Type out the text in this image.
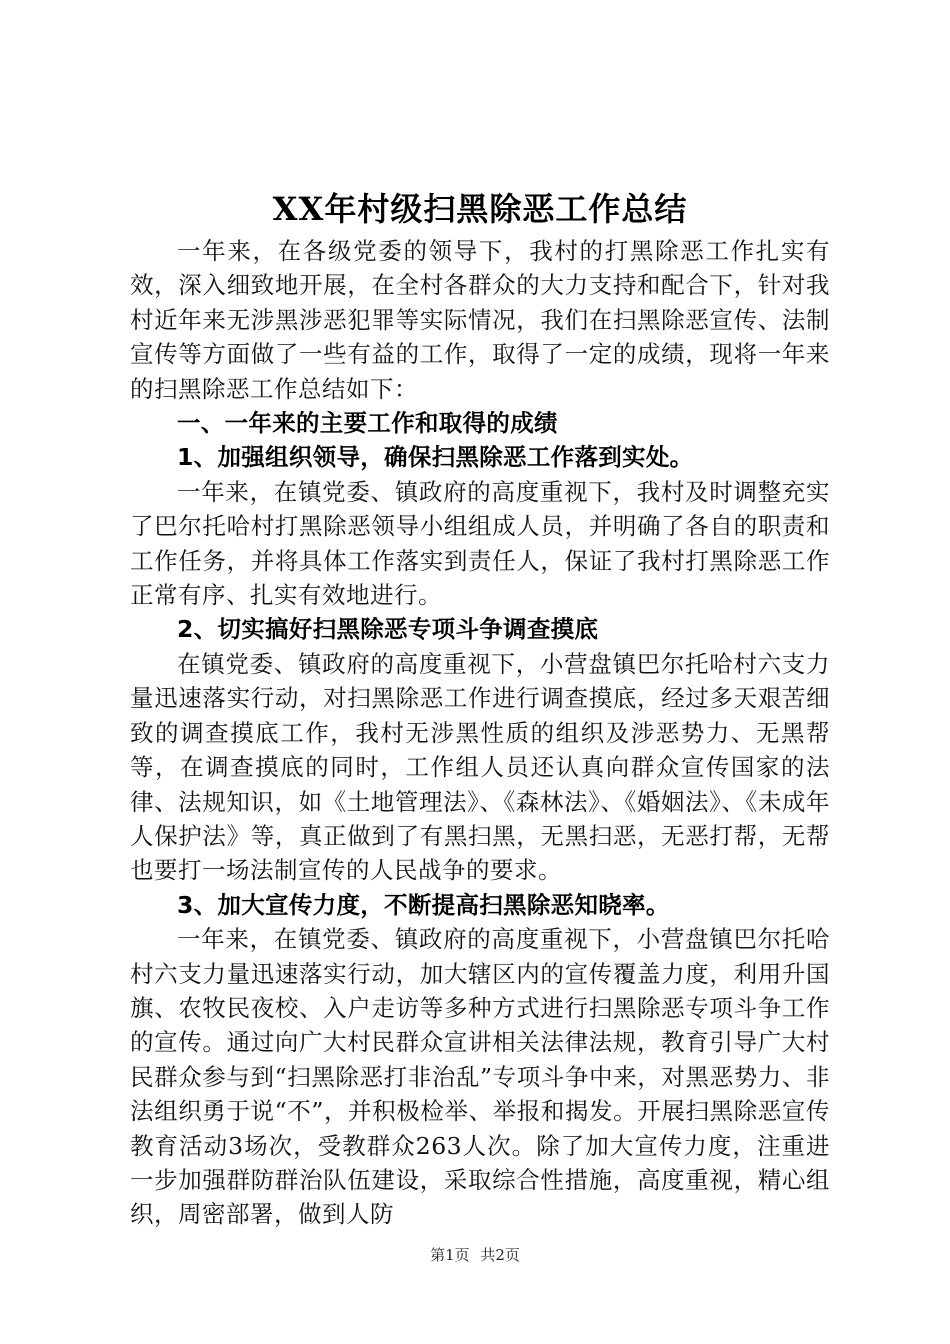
XX年村级扫黑除恶工作总结

一年来，在各级党委的领导下，我村的打黑除恶工作扎实有效，深入细致地开展，在全村各群众的大力支持和配合下，针对我村近年来无涉黑涉恶犯罪等实际情况，我们在扫黑除恶宣传、法制宣传等方面做了一些有益的工作，取得了一定的成绩，现将一年来的扫黑除恶工作总结如下：

一、一年来的主要工作和取得的成绩

1、加强组织领导，确保扫黑除恶工作落到实处。

一年来，在镇党委、镇政府的高度重视下，我村及时调整充实了巴尔托哈村打黑除恶领导小组组成人员，并明确了各自的职责和工作任务，并将具体工作落实到责任人，保证了我村打黑除恶工作正常有序、扎实有效地进行。

2、切实搞好扫黑除恶专项斗争调查摸底

在镇党委、镇政府的高度重视下，小营盘镇巴尔托哈村六支力量迅速落实行动，对扫黑除恶工作进行调查摸底，经过多天艰苦细致的调查摸底工作，我村无涉黑性质的组织及涉恶势力、无黑帮等，在调查摸底的同时，工作组人员还认真向群众宣传国家的法律、法规知识，如《土地管理法》、《森林法》、《婚姻法》、《未成年人保护法》等，真正做到了有黑扫黑，无黑扫恶，无恶打帮，无帮也要打一场法制宣传的人民战争的要求。

3、加大宣传力度，不断提高扫黑除恶知晓率。

一年来，在镇党委、镇政府的高度重视下，小营盘镇巴尔托哈村六支力量迅速落实行动，加大辖区内的宣传覆盖力度，利用升国旗、农牧民夜校、入户走访等多种方式进行扫黑除恶专项斗争工作的宣传。通过向广大村民群众宣讲相关法律法规，教育引导广大村民群众参与到“扫黑除恶打非治乱”专项斗争中来，对黑恶势力、非法组织勇于说“不”，并积极检举、举报和揭发。开展扫黑除恶宣传教育活动3场次，受教群众263人次。除了加大宣传力度，注重进一步加强群防群治队伍建设，采取综合性措施，高度重视，精心组织，周密部署，做到人防

第1页 共2页
